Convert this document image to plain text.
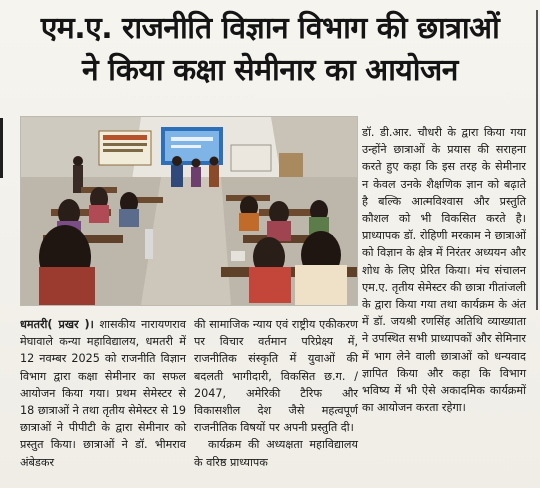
एम.ए. राजनीति विज्ञान विभाग की छात्राओं
ने किया कक्षा सेमीनार का आयोजन

डॉ. डी.आर. चौधरी के द्वारा किया गया उन्होंने छात्राओं के प्रयास की सराहना करते हुए कहा कि इस तरह के सेमीनार न केवल उनके शैक्षणिक ज्ञान को बढ़ाते है बल्कि आत्मविश्वास और प्रस्तुति कौशल को भी विकसित करते है। प्राध्यापक डॉ. रोहिणी मरकाम ने छात्राओं को विज्ञान के क्षेत्र में निरंतर अध्ययन और शोध के लिए प्रेरित किया। मंच संचालन एम.ए. तृतीय सेमेस्टर की छात्रा गीतांजली के द्वारा किया गया तथा कार्यक्रम के अंत में डॉ. जयश्री रणसिंह अतिथि व्याख्याता ने उपस्थित सभी प्राध्यापकों और सेमिनार में भाग लेने वाली छात्राओं को धन्यवाद ज्ञापित किया और कहा कि विभाग भविष्य में भी ऐसे अकादमिक कार्यक्रमों का आयोजन करता रहेगा।

धमतरी( प्रखर )। शासकीय नारायणराव मेघावाले कन्या महाविद्यालय, धमतरी में 12 नवम्बर 2025 को राजनीति विज्ञान विभाग द्वारा कक्षा सेमीनार का सफल आयोजन किया गया। प्रथम सेमेस्टर से 18 छात्राओं ने तथा तृतीय सेमेस्टर से 19 छात्राओं ने पीपीटी के द्वारा सेमीनार को प्रस्तुत किया। छात्राओं ने डॉ. भीमराव अंबेडकर

की सामाजिक न्याय एवं राष्ट्रीय एकीकरण पर विचार वर्तमान परिप्रेक्ष्य में, राजनीतिक संस्कृति में युवाओं की बदलती भागीदारी, विकसित छ.ग. / 2047, अमेरिकी टैरिफ और विकासशील देश जैसे महत्वपूर्ण राजनीतिक विषयों पर अपनी प्रस्तुति दी।

कार्यक्रम की अध्यक्षता महाविद्यालय के वरिष्ठ प्राध्यापक
